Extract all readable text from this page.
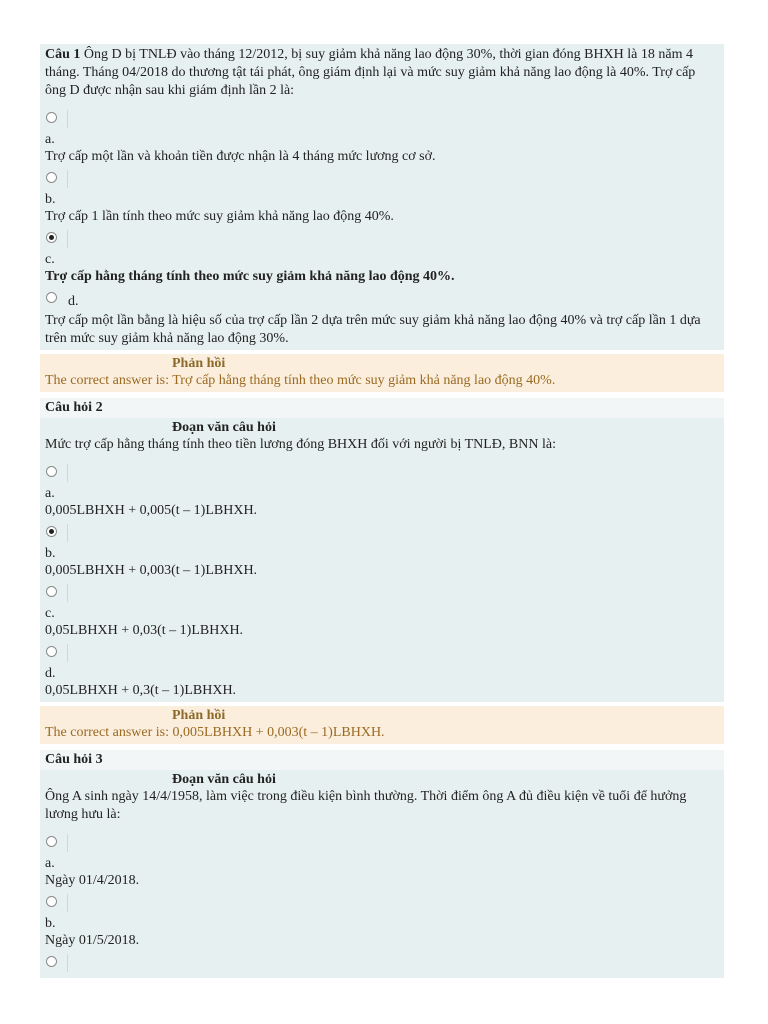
Câu 1 Ông D bị TNLĐ vào tháng 12/2012, bị suy giảm khả năng lao động 30%, thời gian đóng BHXH là 18 năm 4 tháng. Tháng 04/2018 do thương tật tái phát, ông giám định lại và mức suy giảm khả năng lao động là 40%. Trợ cấp ông D được nhận sau khi giám định lần 2 là:
a.
Trợ cấp một lần và khoản tiền được nhận là 4 tháng mức lương cơ sở.
b.
Trợ cấp 1 lần tính theo mức suy giảm khả năng lao động 40%.
c.
Trợ cấp hằng tháng tính theo mức suy giảm khả năng lao động 40%.
d.
Trợ cấp một lần bằng là hiệu số của trợ cấp lần 2 dựa trên mức suy giảm khả năng lao động 40% và trợ cấp lần 1 dựa trên mức suy giảm khả năng lao động 30%.
Phản hồi
The correct answer is: Trợ cấp hằng tháng tính theo mức suy giảm khả năng lao động 40%.
Câu hỏi 2
Đoạn văn câu hỏi
Mức trợ cấp hằng tháng tính theo tiền lương đóng BHXH đối với người bị TNLĐ, BNN là:
a.
0,005LBHXH + 0,005(t – 1)LBHXH.
b.
0,005LBHXH + 0,003(t – 1)LBHXH.
c.
0,05LBHXH + 0,03(t – 1)LBHXH.
d.
0,05LBHXH + 0,3(t – 1)LBHXH.
Phản hồi
The correct answer is: 0,005LBHXH + 0,003(t – 1)LBHXH.
Câu hỏi 3
Đoạn văn câu hỏi
Ông A sinh ngày 14/4/1958, làm việc trong điều kiện bình thường. Thời điểm ông A đủ điều kiện về tuổi để hưởng lương hưu là:
a.
Ngày 01/4/2018.
b.
Ngày 01/5/2018.
